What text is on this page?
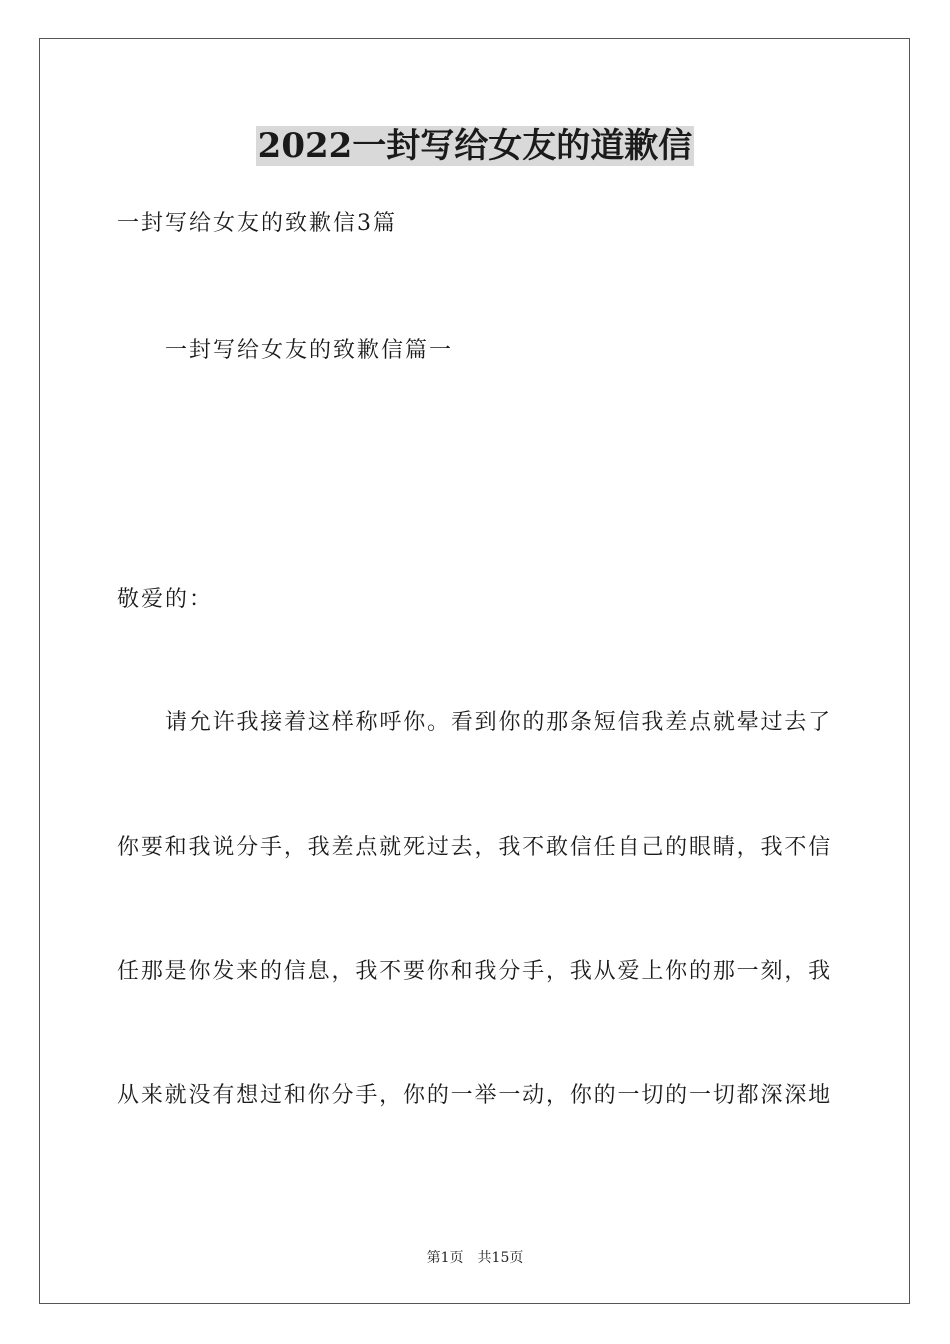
2022一封写给女友的道歉信
一封写给女友的致歉信3篇
一封写给女友的致歉信篇一
敬爱的：
请允许我接着这样称呼你。看到你的那条短信我差点就晕过去了
你要和我说分手，我差点就死过去，我不敢信任自己的眼睛，我不信
任那是你发来的信息，我不要你和我分手，我从爱上你的那一刻，我
从来就没有想过和你分手，你的一举一动，你的一切的一切都深深地
第1页 共15页
